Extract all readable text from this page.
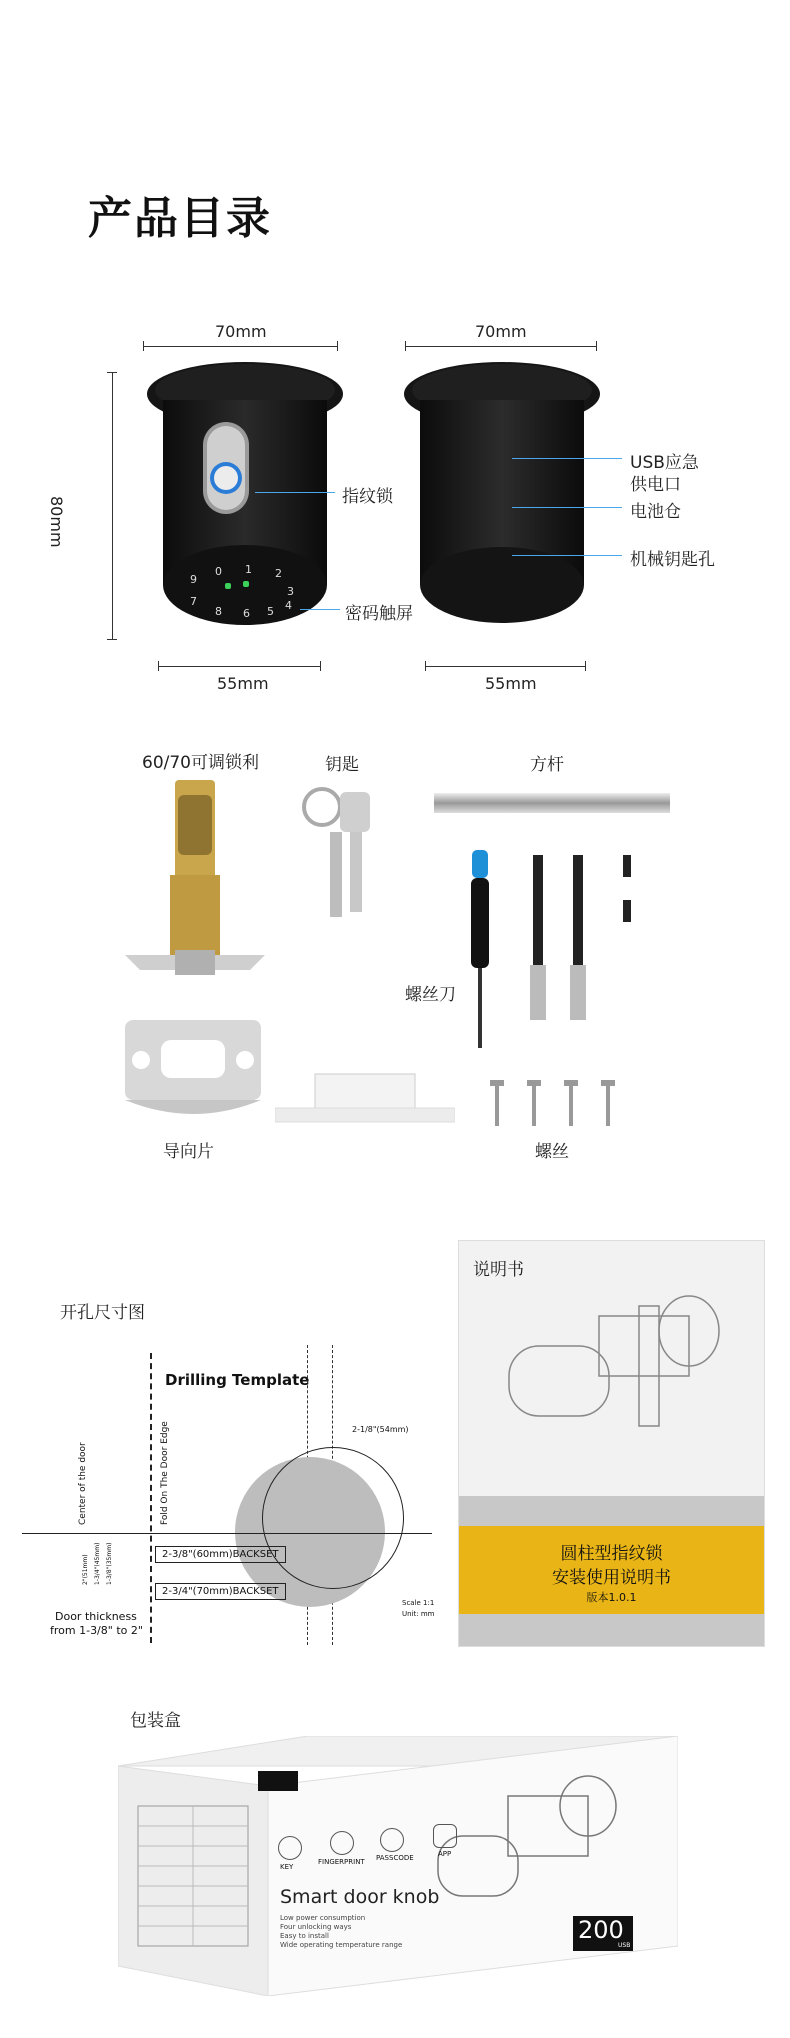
产品目录
70mm	70mm
80mm
9
0 1 2
7
3
8 6 5 4
指纹锁
密码触屏
USB应急
供电口
电池仓
机械钥匙孔
55mm	55mm
60/70可调锁利	钥匙	方杆
螺丝刀
导向片	螺丝
开孔尺寸图
Drilling Template
Center of the door	Fold On The Door Edge	2-1/8"(54mm)
2-3/8"(60mm)BACKSET
2-3/4"(70mm)BACKSET
2"(51mm) 1-3/4"(45mm) 1-3/8"(35mm)
Door thickness
from 1-3/8" to 2"
Scale 1:1
Unit: mm
说明书
圆柱型指纹锁
安装使用说明书
版本1.0.1
包装盒
KEY
FINGERPRINT PASSCODE	APP
Smart door knob
Low power consumption
Four unlocking ways
Easy to install
Wide operating temperature range
200
USB
